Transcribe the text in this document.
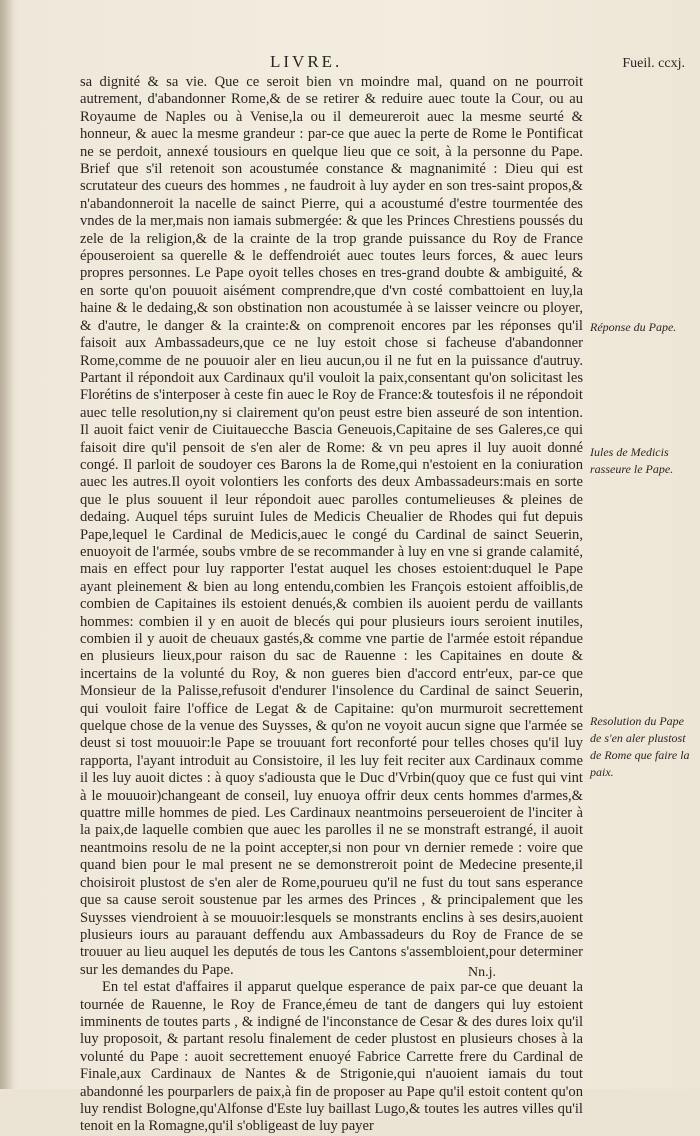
LIVRE.	Fueil. ccxj.

sa dignité & sa vie. Que ce seroit bien vn moindre mal, quand on ne pourroit autrement, d'abandonner Rome,& de se retirer & reduire auec toute la Cour, ou au Royaume de Naples ou à Venise,la ou il demeureroit auec la mesme seurté & honneur, & auec la mesme grandeur : par-ce que auec la perte de Rome le Pontificat ne se perdoit, annexé tousiours en quelque lieu que ce soit, à la personne du Pape. Brief que s'il retenoit son acoustumée constance & magnanimité : Dieu qui est scrutateur des cueurs des hommes , ne faudroit à luy ayder en son tres-saint propos,& n'abandonneroit la nacelle de sainct Pierre, qui a acoustumé d'estre tourmentée des vndes de la mer,mais non iamais submergée: & que les Princes Chrestiens poussés du zele de la religion,& de la crainte de la trop grande puissance du Roy de France épouseroient sa querelle & le deffendroiét auec toutes leurs forces, & auec leurs propres personnes. Le Pape oyoit telles choses en tres-grand doubte & ambiguité, & en sorte qu'on pouuoit aisément comprendre,que d'vn costé combattoient en luy,la haine & le dedaing,& son obstination non acoustumée à se laisser veincre ou ployer, & d'autre, le danger & la crainte:& on comprenoit encores par les réponses qu'il faisoit aux Ambassadeurs,que ce ne luy estoit chose si facheuse d'abandonner Rome,comme de ne pouuoir aler en lieu aucun,ou il ne fut en la puissance d'autruy. Partant il répondoit aux Cardinaux qu'il vouloit la paix,consentant qu'on solicitast les Florétins de s'interposer à ceste fin auec le Roy de France:& toutesfois il ne répondoit auec telle resolution,ny si clairement qu'on peust estre bien asseuré de son intention. Il auoit faict venir de Ciuitauecche Bascia Geneuois,Capitaine de ses Galeres,ce qui faisoit dire qu'il pensoit de s'en aler de Rome: & vn peu apres il luy auoit donné congé. Il parloit de soudoyer ces Barons la de Rome,qui n'estoient en la coniuration auec les autres.Il oyoit volontiers les conforts des deux Ambassadeurs:mais en sorte que le plus souuent il leur répondoit auec parolles contumelieuses & pleines de dedaing. Auquel téps suruint Iules de Medicis Cheualier de Rhodes qui fut depuis Pape,lequel le Cardinal de Medicis,auec le congé du Cardinal de sainct Seuerin, enuoyoit de l'armée, soubs vmbre de se recommander à luy en vne si grande calamité, mais en effect pour luy rapporter l'estat auquel les choses estoient:duquel le Pape ayant pleinement & bien au long entendu,combien les François estoient affoiblis,de combien de Capitaines ils estoient denués,& combien ils auoient perdu de vaillants hommes: combien il y en auoit de blecés qui pour plusieurs iours seroient inutiles, combien il y auoit de cheuaux gastés,& comme vne partie de l'armée estoit répandue en plusieurs lieux,pour raison du sac de Rauenne : les Capitaines en doute & incertains de la volunté du Roy, & non gueres bien d'accord entr'eux, par-ce que Monsieur de la Palisse,refusoit d'endurer l'insolence du Cardinal de sainct Seuerin, qui vouloit faire l'office de Legat & de Capitaine: qu'on murmuroit secrettement quelque chose de la venue des Suysses, & qu'on ne voyoit aucun signe que l'armée se deust si tost mouuoir:le Pape se trouuant fort reconforté pour telles choses qu'il luy rapporta, l'ayant introduit au Consistoire, il les luy feit reciter aux Cardinaux comme il les luy auoit dictes : à quoy s'adiousta que le Duc d'Vrbin(quoy que ce fust qui vint à le mouuoir)changeant de conseil, luy enuoya offrir deux cents hommes d'armes,& quattre mille hommes de pied. Les Cardinaux neantmoins perseueroient de l'inciter à la paix,de laquelle combien que auec les parolles il ne se monstraft estrangé, il auoit neantmoins resolu de ne la point accepter,si non pour vn dernier remede : voire que quand bien pour le mal present ne se demonstreroit point de Medecine presente,il choisiroit plustost de s'en aler de Rome,pourueu qu'il ne fust du tout sans esperance que sa cause seroit soustenue par les armes des Princes , & principalement que les Suysses viendroient à se mouuoir:lesquels se monstrants enclins à ses desirs,auoient plusieurs iours au parauant deffendu aux Ambassadeurs du Roy de France de se trouuer au lieu auquel les deputés de tous les Cantons s'assembloient,pour determiner sur les demandes du Pape.

En tel estat d'affaires il apparut quelque esperance de paix par-ce que deuant la tournée de Rauenne, le Roy de France,émeu de tant de dangers qui luy estoient imminents de toutes parts , & indigné de l'inconstance de Cesar & des dures loix qu'il luy proposoit, & partant resolu finalement de ceder plustost en plusieurs choses à la volunté du Pape : auoit secrettement enuoyé Fabrice Carrette frere du Cardinal de Finale,aux Cardinaux de Nantes & de Strigonie,qui n'auoient iamais du tout abandonné les pourparlers de paix,à fin de proposer au Pape qu'il estoit content qu'on luy rendist Bologne,qu'Alfonse d'Este luy baillast Lugo,& toutes les autres villes qu'il tenoit en la Romagne,qu'il s'obligeast de luy payer

Réponse du Pape.
Iules de Medicis rasseure le Pape.
Resolution du Pape de s'en aler plustost de Rome que faire la paix.
Nn.j.
